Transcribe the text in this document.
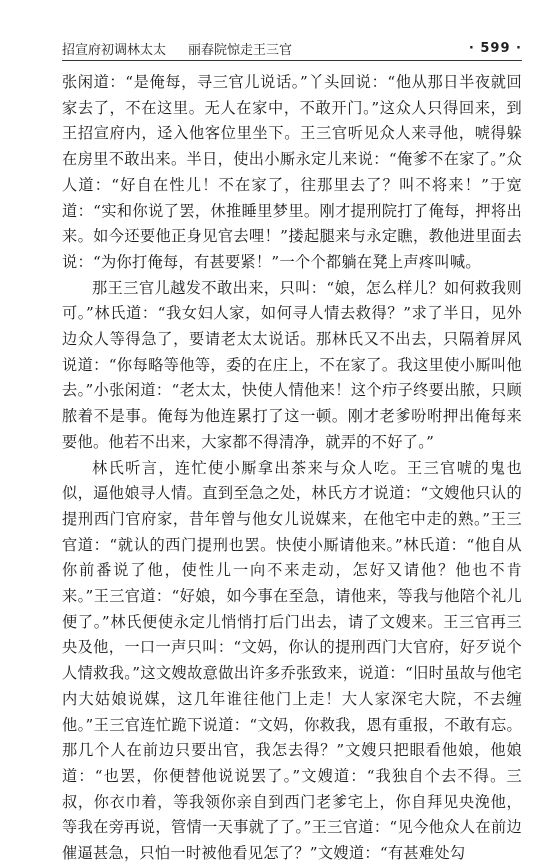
招宣府初调林太太 丽春院惊走王三官	· 599 ·

张闲道：“是俺每，寻三官儿说话。”丫头回说：“他从那日半夜就回家去了，不在这里。无人在家中，不敢开门。”这众人只得回来，到王招宣府内，迳入他客位里坐下。王三官听见众人来寻他，唬得躲在房里不敢出来。半日，使出小厮永定儿来说：“俺爹不在家了。”众人道：“好自在性儿！不在家了，往那里去了？叫不将来！”于宽道：“实和你说了罢，休推睡里梦里。刚才提刑院打了俺每，押将出来。如今还要他正身见官去哩！”搂起腿来与永定瞧，教他进里面去说：“为你打俺每，有甚要紧！”一个个都躺在凳上声疼叫喊。

那王三官儿越发不敢出来，只叫：“娘，怎么样儿？如何救我则可。”林氏道：“我女妇人家，如何寻人情去救得？”求了半日，见外边众人等得急了，要请老太太说话。那林氏又不出去，只隔着屏风说道：“你每略等他等，委的在庄上，不在家了。我这里使小厮叫他去。”小张闲道：“老太太，快使人情他来！这个疖子终要出脓，只顾脓着不是事。俺每为他连累打了这一顿。刚才老爹吩咐押出俺每来要他。他若不出来，大家都不得清净，就弄的不好了。”

林氏听言，连忙使小厮拿出茶来与众人吃。王三官唬的鬼也似，逼他娘寻人情。直到至急之处，林氏方才说道：“文嫂他只认的提刑西门官府家，昔年曾与他女儿说媒来，在他宅中走的熟。”王三官道：“就认的西门提刑也罢。快使小厮请他来。”林氏道：“他自从你前番说了他，使性儿一向不来走动，怎好又请他？他也不肯来。”王三官道：“好娘，如今事在至急，请他来，等我与他陪个礼儿便了。”林氏便使永定儿悄悄打后门出去，请了文嫂来。王三官再三央及他，一口一声只叫：“文妈，你认的提刑西门大官府，好歹说个人情救我。”这文嫂故意做出许多乔张致来，说道：“旧时虽故与他宅内大姑娘说媒，这几年谁往他门上走！大人家深宅大院，不去缠他。”王三官连忙跪下说道：“文妈，你救我，恩有重报，不敢有忘。那几个人在前边只要出官，我怎去得？”文嫂只把眼看他娘，他娘道：“也罢，你便替他说说罢了。”文嫂道：“我独自个去不得。三叔，你衣巾着，等我领你亲自到西门老爹宅上，你自拜见央浼他，等我在旁再说，管情一天事就了了。”王三官道：“见今他众人在前边催逼甚急，只怕一时被他看见怎了？”文嫂道：“有甚难处勾
